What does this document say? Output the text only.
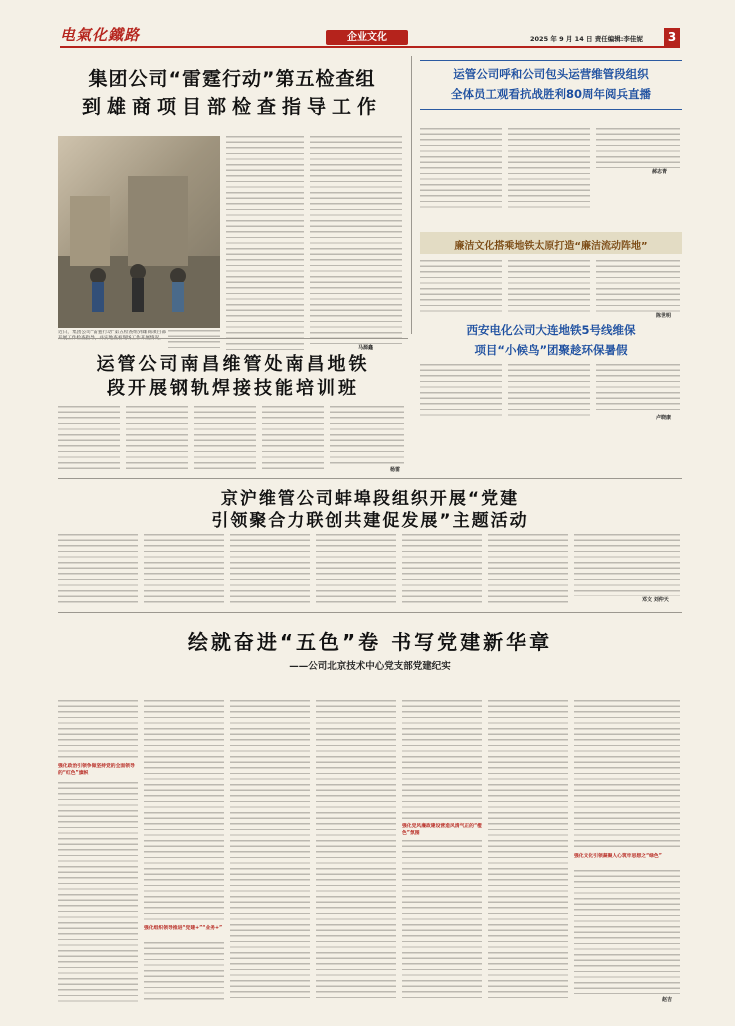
电氣化鐵路	企业文化	2025 年 9 月 14 日 责任编辑:李佳妮	3
集团公司“雷霆行动”第五检查组
到雄商项目部检查指导工作
近日，集团公司“雷霆行动”第五检查组到雄商项目部
马源鑫
运管公司呼和公司包头运营维管段组织
全体员工观看抗战胜利80周年阅兵直播
郝志青
廉洁文化搭乘地铁太原打造“廉洁流动阵地”
陈世明
运管公司南昌维管处南昌地铁
段开展钢轨焊接技能培训班
杨雷
西安电化公司大连地铁5号线维保
项目“小候鸟”团聚趁环保暑假
卢晓康
京沪维管公司蚌埠段组织开展“党建
引领聚合力联创共建促发展”主题活动
邓文 刘仲天
绘就奋进“五色”卷 书写党建新华章
——公司北京技术中心党支部党建纪实
强化政治引领争做坚持党的全面领导的“红色”旗帜
强化组织领导推进“党建+”“业务+”
强化党风廉政建设营造风清气正的“橙色”氛围
强化文化引领凝聚人心筑牢思想之“绿色”
赵吉
